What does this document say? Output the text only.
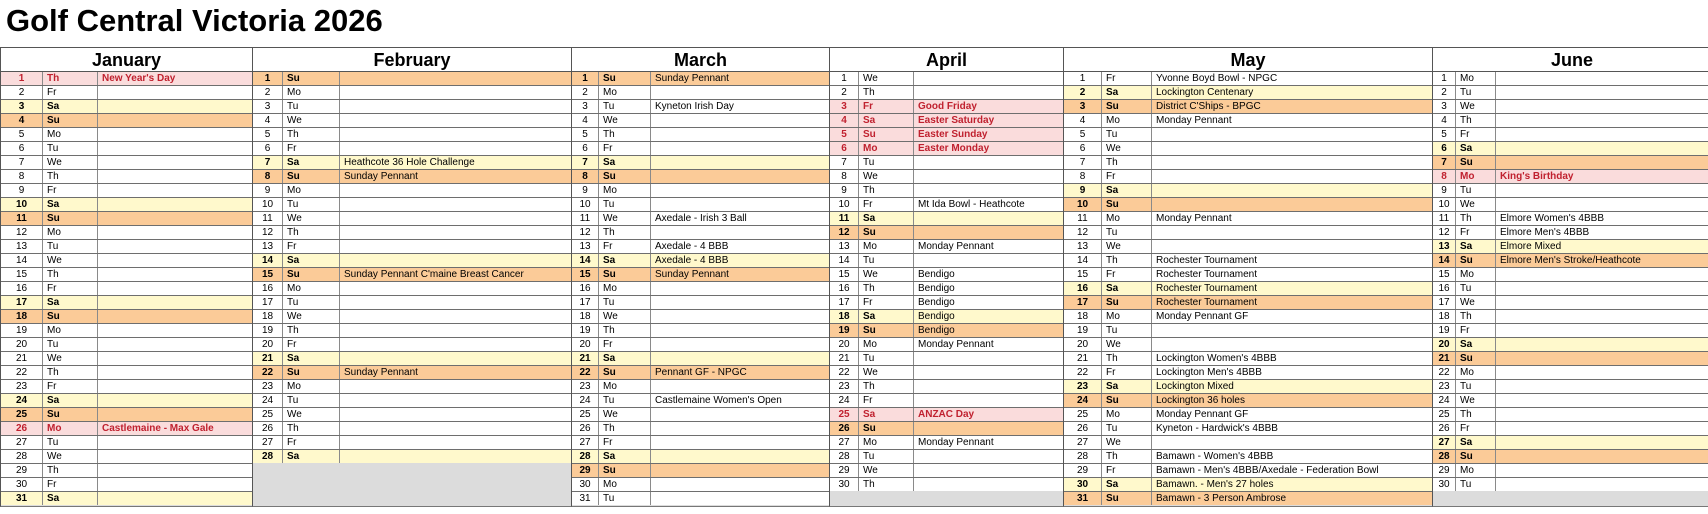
Golf Central Victoria 2026
January
1	Th	New Year's Day
2	Fr
3	Sa
4	Su
5	Mo
6	Tu
7	We
8	Th
9	Fr
10	Sa
11	Su
12	Mo
13	Tu
14	We
15	Th
16	Fr
17	Sa
18	Su
19	Mo
20	Tu
21	We
22	Th
23	Fr
24	Sa
25	Su
26	Mo	Castlemaine - Max Gale
27	Tu
28	We
29	Th
30	Fr
31	Sa
February
1	Su
2	Mo
3	Tu
4	We
5	Th
6	Fr
7	Sa	Heathcote 36 Hole Challenge
8	Su	Sunday Pennant
9	Mo
10	Tu
11	We
12	Th
13	Fr
14	Sa
15	Su	Sunday Pennant C'maine Breast Cancer
16	Mo
17	Tu
18	We
19	Th
20	Fr
21	Sa
22	Su	Sunday Pennant
23	Mo
24	Tu
25	We
26	Th
27	Fr
28	Sa
March
1	Su	Sunday Pennant
2	Mo
3	Tu	Kyneton Irish Day
4	We
5	Th
6	Fr
7	Sa
8	Su
9	Mo
10	Tu
11	We	Axedale - Irish 3 Ball
12	Th
13	Fr	Axedale - 4 BBB
14	Sa	Axedale - 4 BBB
15	Su	Sunday Pennant
16	Mo
17	Tu
18	We
19	Th
20	Fr
21	Sa
22	Su	Pennant GF - NPGC
23	Mo
24	Tu	Castlemaine Women's Open
25	We
26	Th
27	Fr
28	Sa
29	Su
30	Mo
31	Tu
April
1	We
2	Th
3	Fr	Good Friday
4	Sa	Easter Saturday
5	Su	Easter Sunday
6	Mo	Easter Monday
7	Tu
8	We
9	Th
10	Fr	Mt Ida Bowl - Heathcote
11	Sa
12	Su
13	Mo	Monday Pennant
14	Tu
15	We	Bendigo
16	Th	Bendigo
17	Fr	Bendigo
18	Sa	Bendigo
19	Su	Bendigo
20	Mo	Monday Pennant
21	Tu
22	We
23	Th
24	Fr
25	Sa	ANZAC Day
26	Su
27	Mo	Monday Pennant
28	Tu
29	We
30	Th
May
1	Fr	Yvonne Boyd Bowl - NPGC
2	Sa	Lockington Centenary
3	Su	District C'Ships - BPGC
4	Mo	Monday Pennant
5	Tu
6	We
7	Th
8	Fr
9	Sa
10	Su
11	Mo	Monday Pennant
12	Tu
13	We
14	Th	Rochester Tournament
15	Fr	Rochester Tournament
16	Sa	Rochester Tournament
17	Su	Rochester Tournament
18	Mo	Monday Pennant GF
19	Tu
20	We
21	Th	Lockington Women's 4BBB
22	Fr	Lockington Men's 4BBB
23	Sa	Lockington Mixed
24	Su	Lockington 36 holes
25	Mo	Monday Pennant GF
26	Tu	Kyneton - Hardwick's 4BBB
27	We
28	Th	Bamawn - Women's 4BBB
29	Fr	Bamawn - Men's 4BBB/Axedale - Federation Bowl
30	Sa	Bamawn. - Men's 27 holes
31	Su	Bamawn - 3 Person Ambrose
June
1	Mo
2	Tu
3	We
4	Th
5	Fr
6	Sa
7	Su
8	Mo	King's Birthday
9	Tu
10	We
11	Th	Elmore Women's 4BBB
12	Fr	Elmore Men's 4BBB
13	Sa	Elmore Mixed
14	Su	Elmore Men's Stroke/Heathcote
15	Mo
16	Tu
17	We
18	Th
19	Fr
20	Sa
21	Su
22	Mo
23	Tu
24	We
25	Th
26	Fr
27	Sa
28	Su
29	Mo
30	Tu
